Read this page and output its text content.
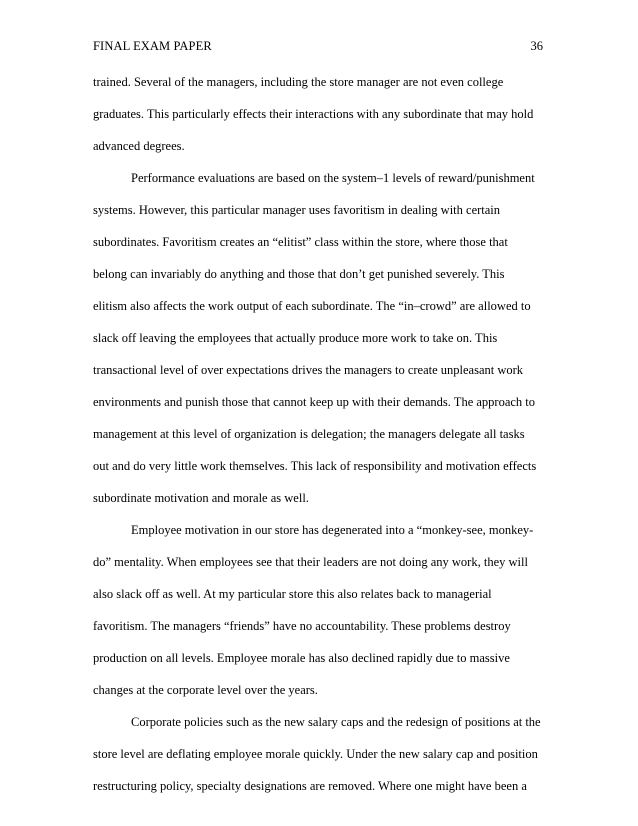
FINAL EXAM PAPER	36
trained. Several of the managers, including the store manager are not even college
graduates. This particularly effects their interactions with any subordinate that may hold
advanced degrees.
Performance evaluations are based on the system–1 levels of reward/punishment
systems. However, this particular manager uses favoritism in dealing with certain
subordinates. Favoritism creates an “elitist” class within the store, where those that
belong can invariably do anything and those that don’t get punished severely. This
elitism also affects the work output of each subordinate. The “in–crowd” are allowed to
slack off leaving the employees that actually produce more work to take on. This
transactional level of over expectations drives the managers to create unpleasant work
environments and punish those that cannot keep up with their demands. The approach to
management at this level of organization is delegation; the managers delegate all tasks
out and do very little work themselves. This lack of responsibility and motivation effects
subordinate motivation and morale as well.
Employee motivation in our store has degenerated into a “monkey-see, monkey-
do” mentality. When employees see that their leaders are not doing any work, they will
also slack off as well. At my particular store this also relates back to managerial
favoritism. The managers “friends” have no accountability. These problems destroy
production on all levels. Employee morale has also declined rapidly due to massive
changes at the corporate level over the years.
Corporate policies such as the new salary caps and the redesign of positions at the
store level are deflating employee morale quickly. Under the new salary cap and position
restructuring policy, specialty designations are removed. Where one might have been a
